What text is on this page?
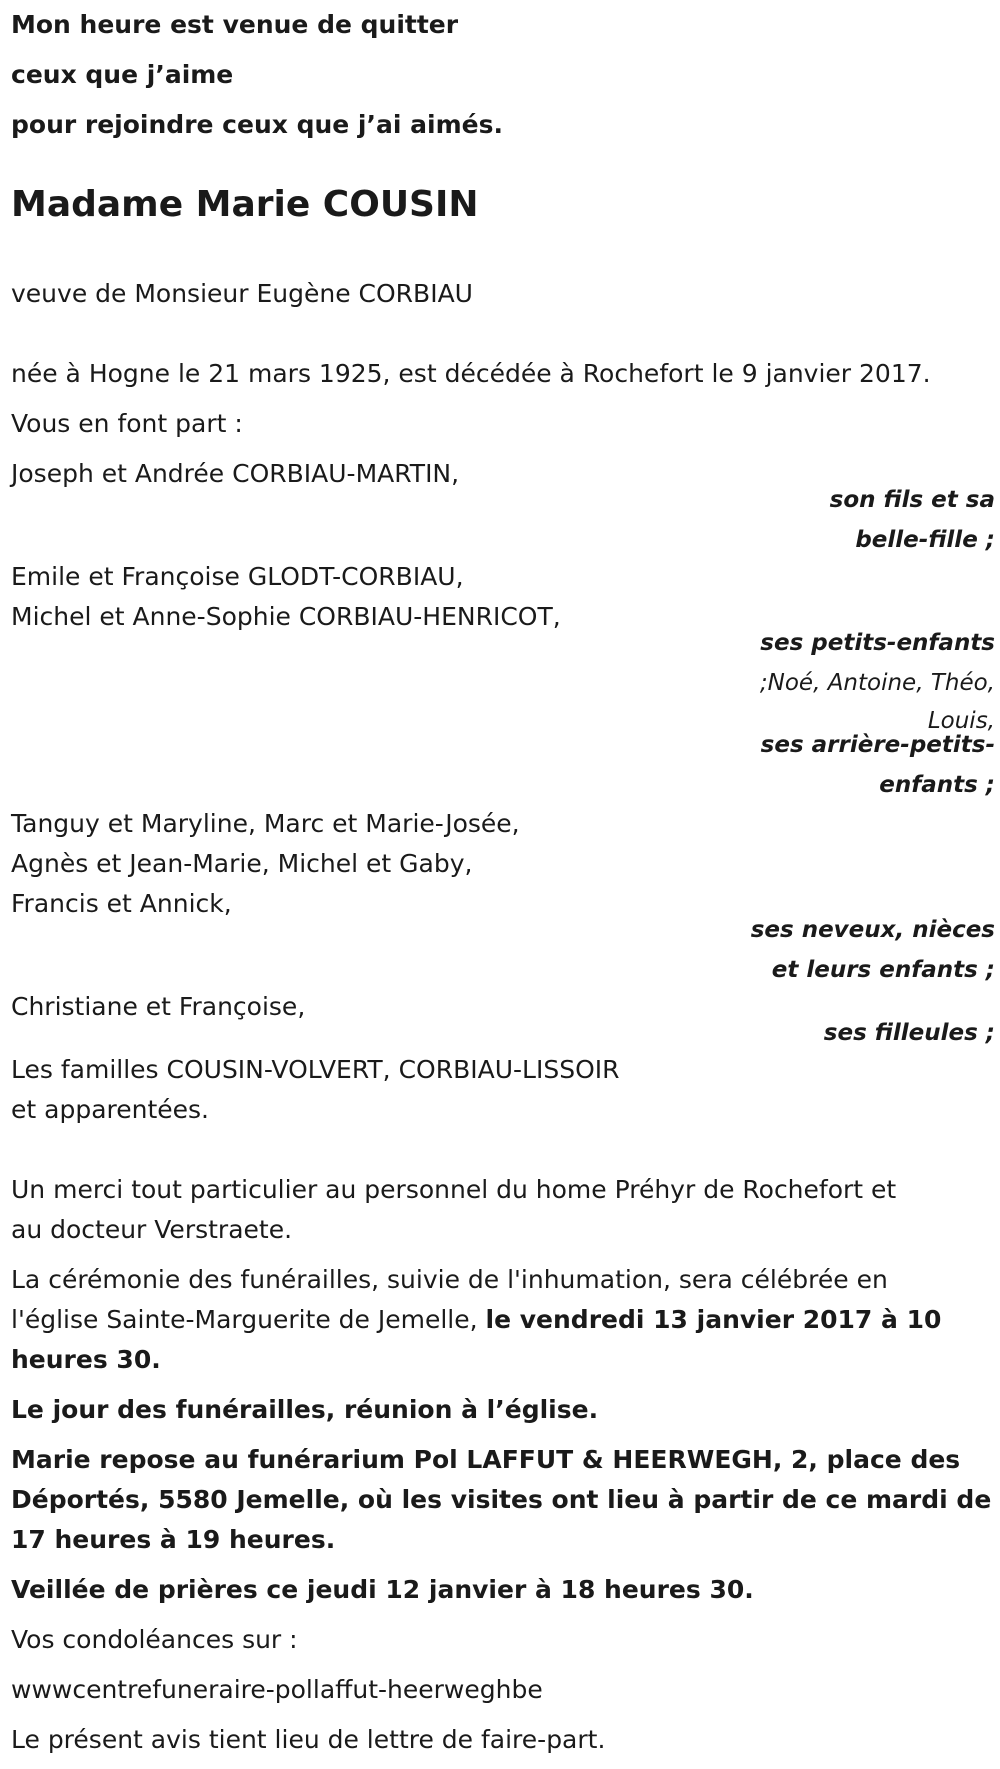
Mon heure est venue de quitter

ceux que j’aime

pour rejoindre ceux que j’ai aimés.

Madame Marie COUSIN

veuve de Monsieur Eugène CORBIAU

née à Hogne le 21 mars 1925, est décédée à Rochefort le 9 janvier 2017.

Vous en font part :

Joseph et Andrée CORBIAU-MARTIN,

son fils et sa

belle-fille ;

Emile et Françoise GLODT-CORBIAU,

Michel et Anne-Sophie CORBIAU-HENRICOT,

ses petits-enfants

;Noé, Antoine, Théo,

Louis,

ses arrière-petits-

enfants ;

Tanguy et Maryline, Marc et Marie-Josée,

Agnès et Jean-Marie, Michel et Gaby,

Francis et Annick,

ses neveux, nièces

et leurs enfants ;

Christiane et Françoise,

ses filleules ;

Les familles COUSIN-VOLVERT, CORBIAU-LISSOIR

et apparentées.

Un merci tout particulier au personnel du home Préhyr de Rochefort et

au docteur Verstraete.

La cérémonie des funérailles, suivie de l'inhumation, sera célébrée en

l'église Sainte-Marguerite de Jemelle, le vendredi 13 janvier 2017 à 10

heures 30.

Le jour des funérailles, réunion à l’église.

Marie repose au funérarium Pol LAFFUT & HEERWEGH, 2, place des

Déportés, 5580 Jemelle, où les visites ont lieu à partir de ce mardi de

17 heures à 19 heures.

Veillée de prières ce jeudi 12 janvier à 18 heures 30.

Vos condoléances sur :

wwwcentrefuneraire-pollaffut-heerweghbe

Le présent avis tient lieu de lettre de faire-part.
